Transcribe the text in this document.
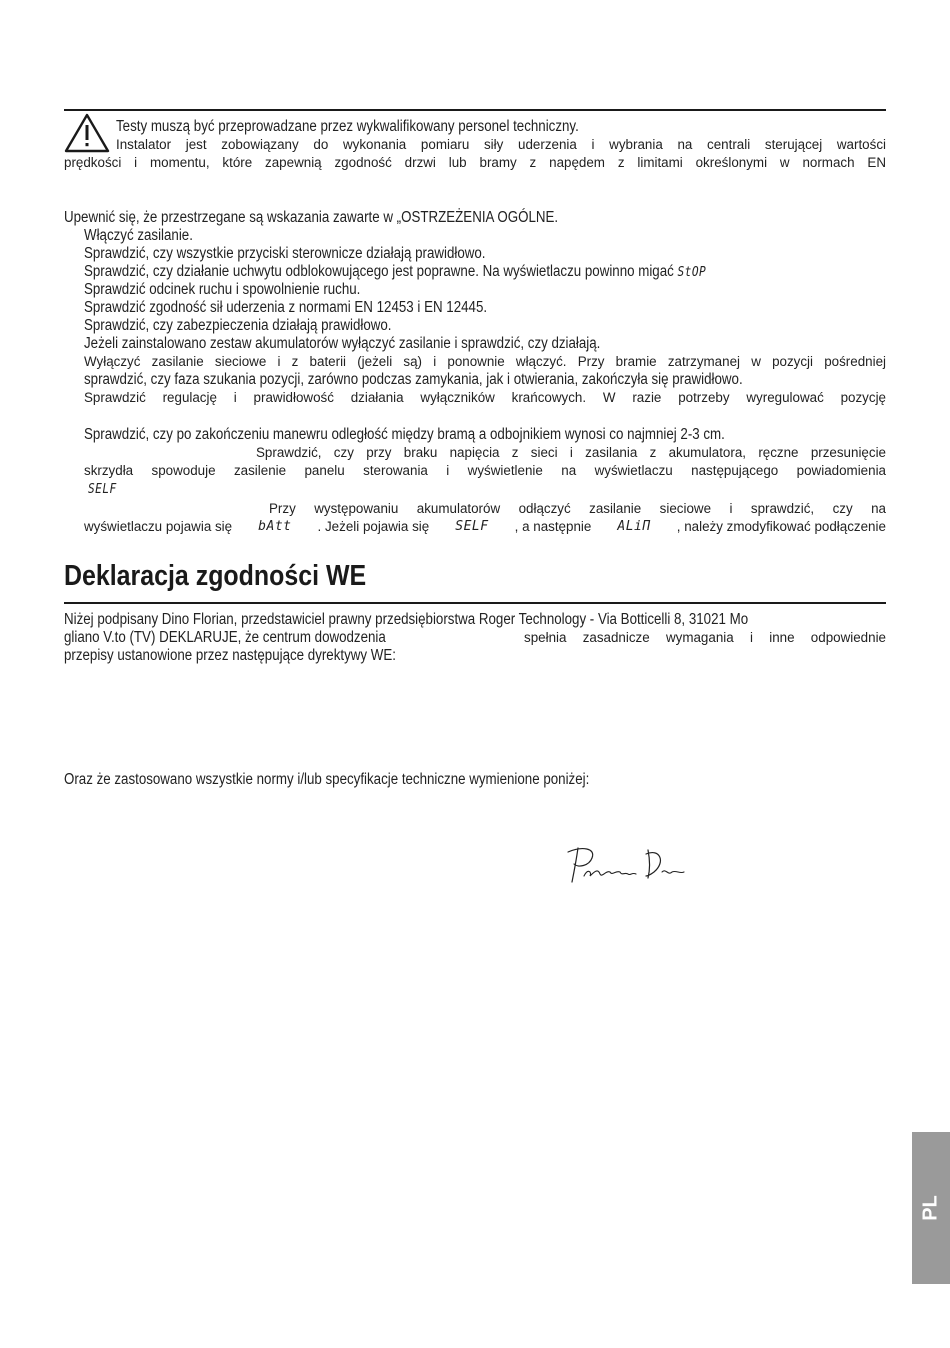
Testy muszą być przeprowadzane przez wykwalifikowany personel techniczny.
Instalator jest zobowiązany do wykonania pomiaru siły uderzenia i wybrania na centrali sterującej wartości
prędkości i momentu, które zapewnią zgodność drzwi lub bramy z napędem z limitami określonymi w normach EN
Upewnić się, że przestrzegane są wskazania zawarte w „OSTRZEŻENIA OGÓLNE.
Włączyć zasilanie.
Sprawdzić, czy wszystkie przyciski sterownicze działają prawidłowo.
Sprawdzić, czy działanie uchwytu odblokowującego jest poprawne. Na wyświetlaczu powinno migać StOP
Sprawdzić odcinek ruchu i spowolnienie ruchu.
Sprawdzić zgodność sił uderzenia z normami EN 12453 i EN 12445.
Sprawdzić, czy zabezpieczenia działają prawidłowo.
Jeżeli zainstalowano zestaw akumulatorów wyłączyć zasilanie i sprawdzić, czy działają.
Wyłączyć zasilanie sieciowe i z baterii (jeżeli są) i ponownie włączyć. Przy bramie zatrzymanej w pozycji pośredniej
sprawdzić, czy faza szukania pozycji, zarówno podczas zamykania, jak i otwierania, zakończyła się prawidłowo.
Sprawdzić regulację i prawidłowość działania wyłączników krańcowych. W razie potrzeby wyregulować pozycję
Sprawdzić, czy po zakończeniu manewru odległość między bramą a odbojnikiem wynosi co najmniej 2-3 cm.
Sprawdzić, czy przy braku napięcia z sieci i zasilania z akumulatora, ręczne przesunięcie
skrzydła spowoduje zasilenie panelu sterowania i wyświetlenie na wyświetlaczu następującego powiadomienia
SELF
Przy występowaniu akumulatorów odłączyć zasilanie sieciowe i sprawdzić, czy na
wyświetlaczu pojawia się bAtt . Jeżeli pojawia się SELF , a następnie ALiΠ , należy zmodyfikować podłączenie
Deklaracja zgodności WE
Niżej podpisany Dino Florian, przedstawiciel prawny przedsiębiorstwa Roger Technology - Via Botticelli 8, 31021 Mo
gliano V.to (TV) DEKLARUJE, że centrum dowodzenia	spełnia zasadnicze wymagania i inne odpowiednie
przepisy ustanowione przez następujące dyrektywy WE:
Oraz że zastosowano wszystkie normy i/lub specyfikacje techniczne wymienione poniżej:
PL
